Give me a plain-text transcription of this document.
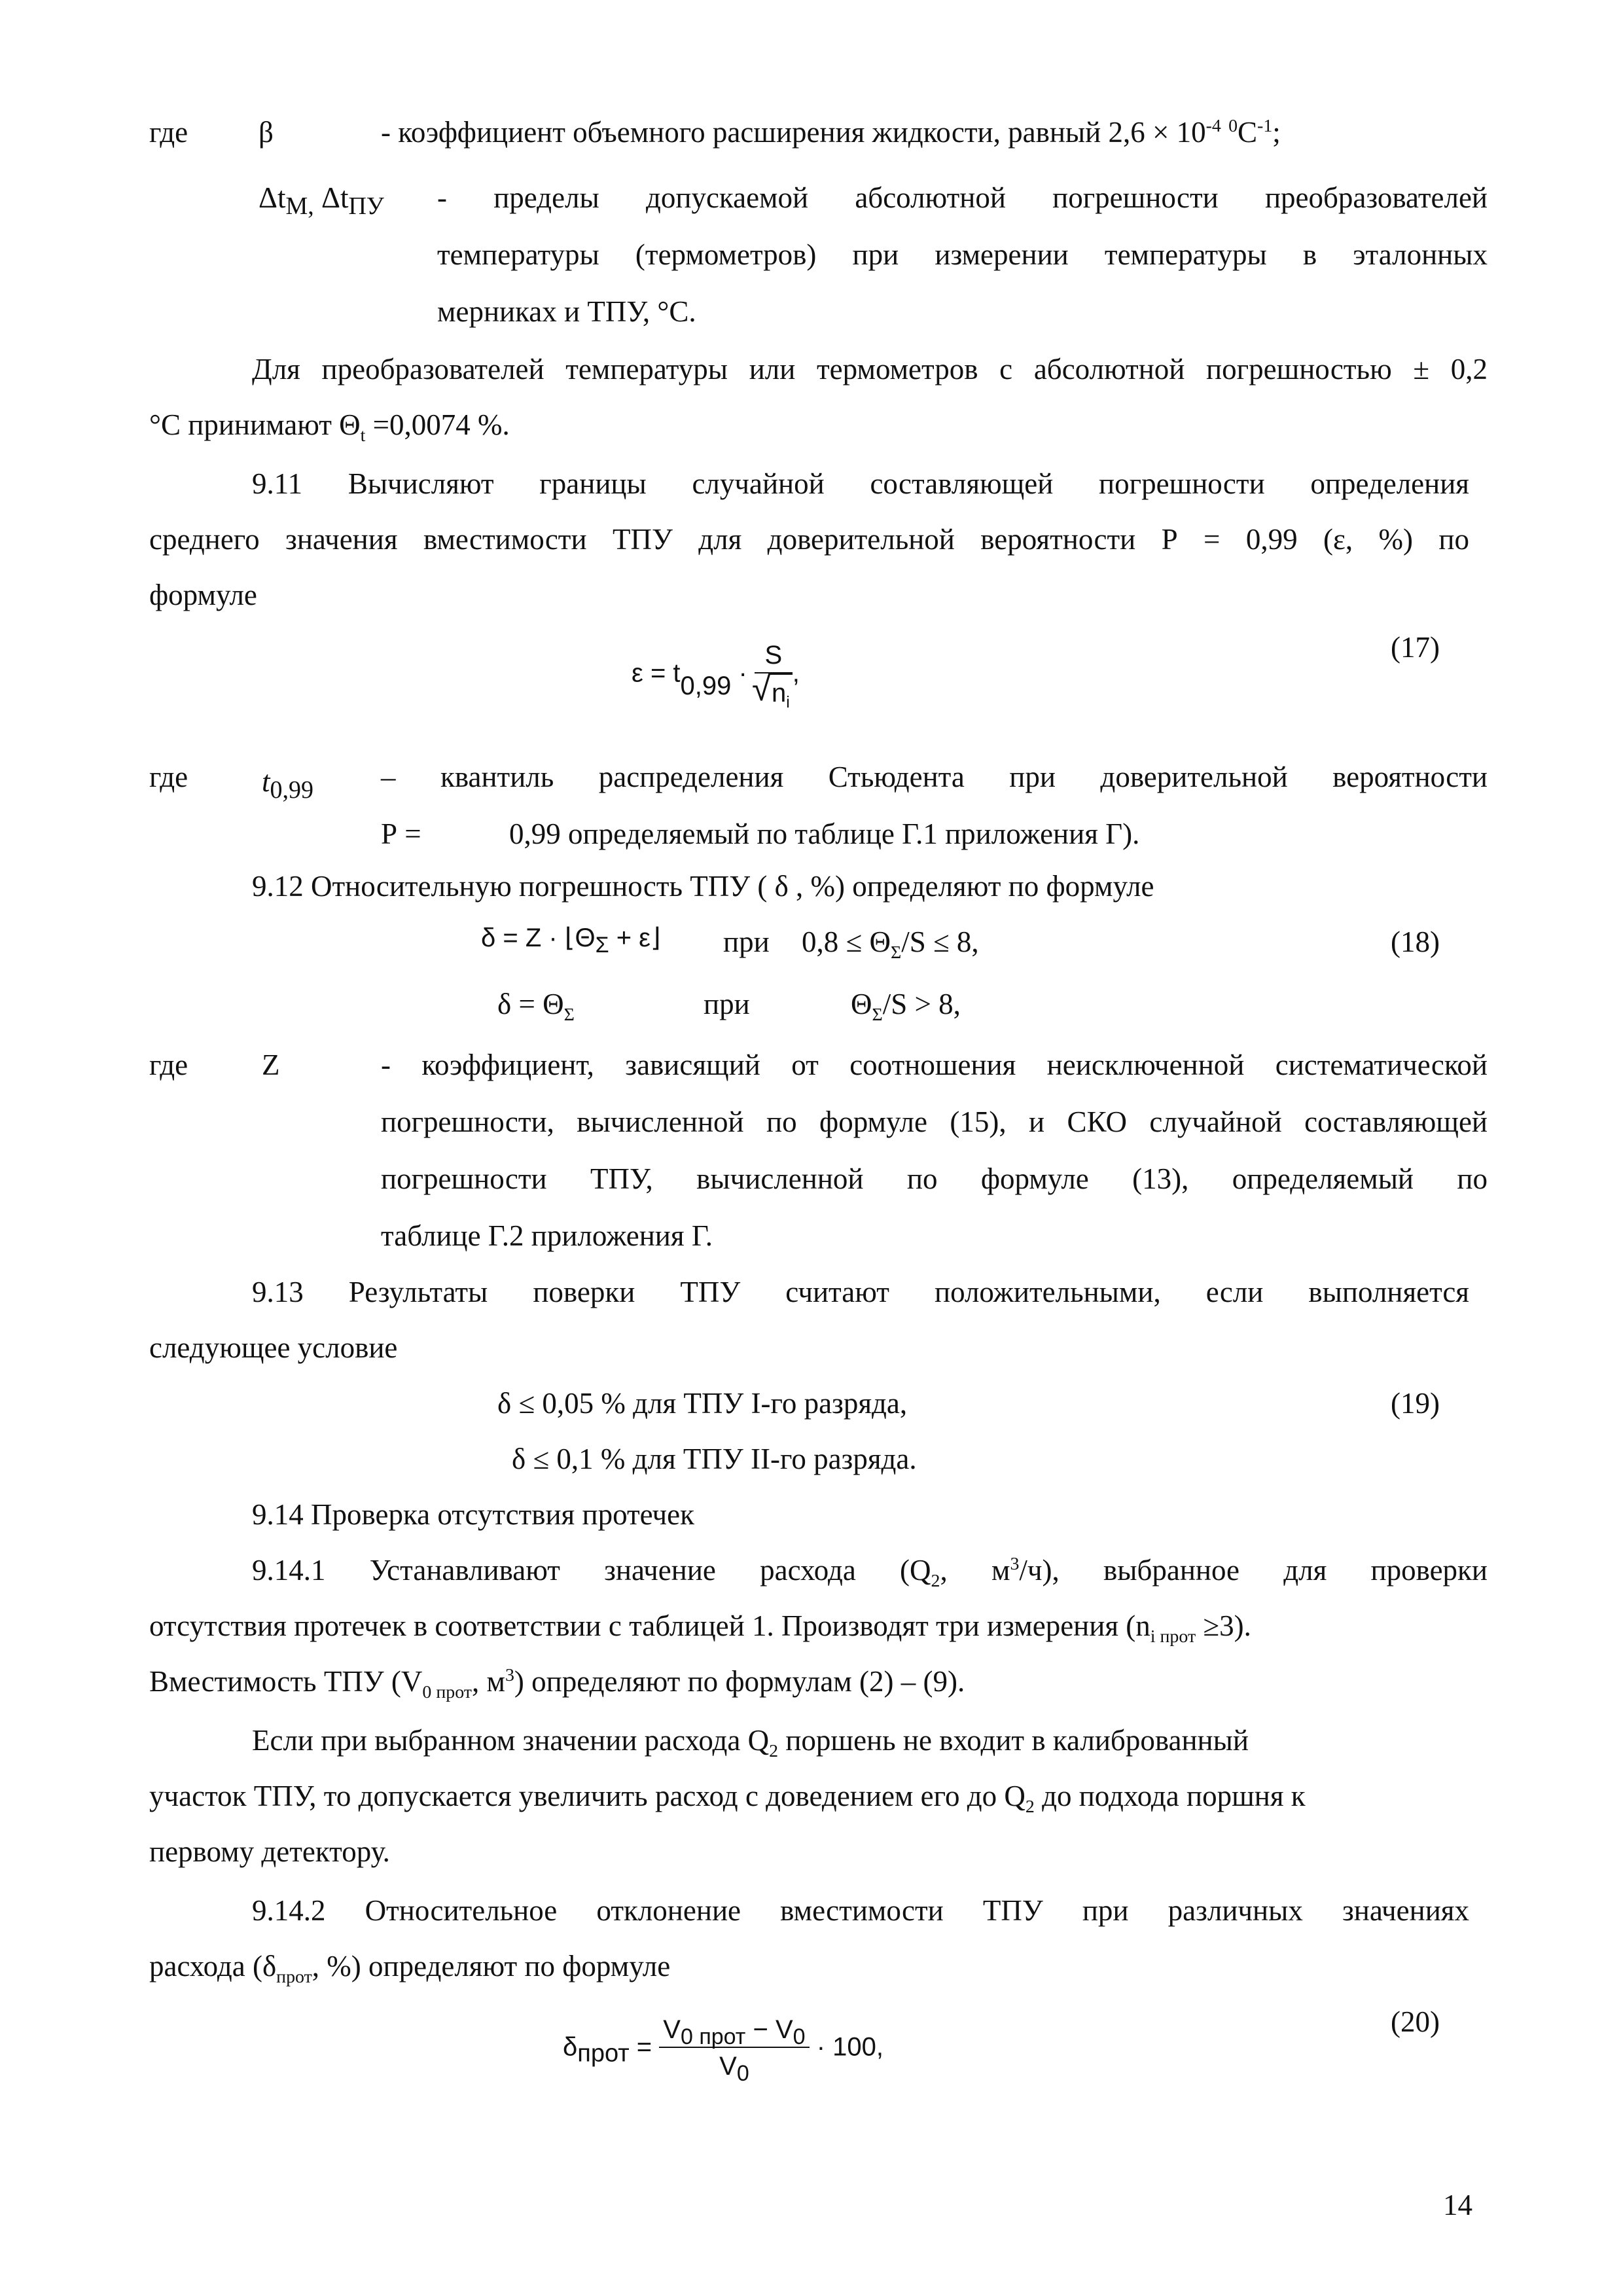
где β	- коэффициент объемного расширения жидкости, равный $2,6 \times 10^{-4}$ $^0С^{-1}$;
$\Delta t_{М,}$ $\Delta t_{ПУ}$ - пределы допускаемой абсолютной погрешности преобразователей
температуры (термометров) при измерении температуры в эталонных
мерниках и ТПУ, °С.
Для преобразователей температуры или термометров с абсолютной погрешностью ± 0,2
°С принимают $\Theta_t =0,0074$ %.
9.11 Вычисляют границы случайной составляющей погрешности определения
среднего значения вместимости ТПУ для доверительной вероятности Р = 0,99 (ε, %) по
формуле
$\varepsilon = t_{0,99} \cdot S$
√ $n_i$ ,
(17)
где	$t_{0,99}$ – квантиль распределения Стьюдента при доверительной вероятности
Р =	0,99 определяемый по таблице Г.1 приложения Г).
9.12 Относительную погрешность ТПУ ( δ , %) определяют по формуле
$\delta = Z \cdot ⌊\Theta_\Sigma$ + ε⌋ при $0,8 \le \Theta_\Sigma/S \le 8$,	(18)
$\delta = \Theta_\Sigma$	при	$\Theta_\Sigma/S > 8$,
где	Z	- коэффициент, зависящий от соотношения неисключенной систематической
погрешности, вычисленной по формуле (15), и СКО случайной составляющей
погрешности ТПУ, вычисленной по формуле (13), определяемый по
таблице Г.2 приложения Г.
9.13 Результаты поверки ТПУ считают положительными, если выполняется
следующее условие
δ ≤ 0,05 % для ТПУ I-го разряда,	(19)
δ ≤ 0,1 % для ТПУ II-го разряда.
9.14 Проверка отсутствия протечек
9.14.1 Устанавливают значение расхода ($Q_2$, $м^3/ч$), выбранное для проверки
отсутствия протечек в соответствии с таблицей 1. Производят три измерения $(n_{i прот} \ge 3)$.
Вместимость ТПУ ($V_{0 прот}$, $м^3$) определяют по формулам (2) – (9).
Если при выбранном значении расхода $Q_2$ поршень не входит в калиброванный
участок ТПУ, то допускается увеличить расход с доведением его до $Q_2$ до подхода поршня к
первому детектору.
9.14.2 Относительное отклонение вместимости ТПУ при различных значениях
расхода ($\delta_{прот}$, %) определяют по формуле
$\delta_{прот} = \frac{V_{0 прот} - V_0}{V_0} \cdot 100$,
(20)
14
